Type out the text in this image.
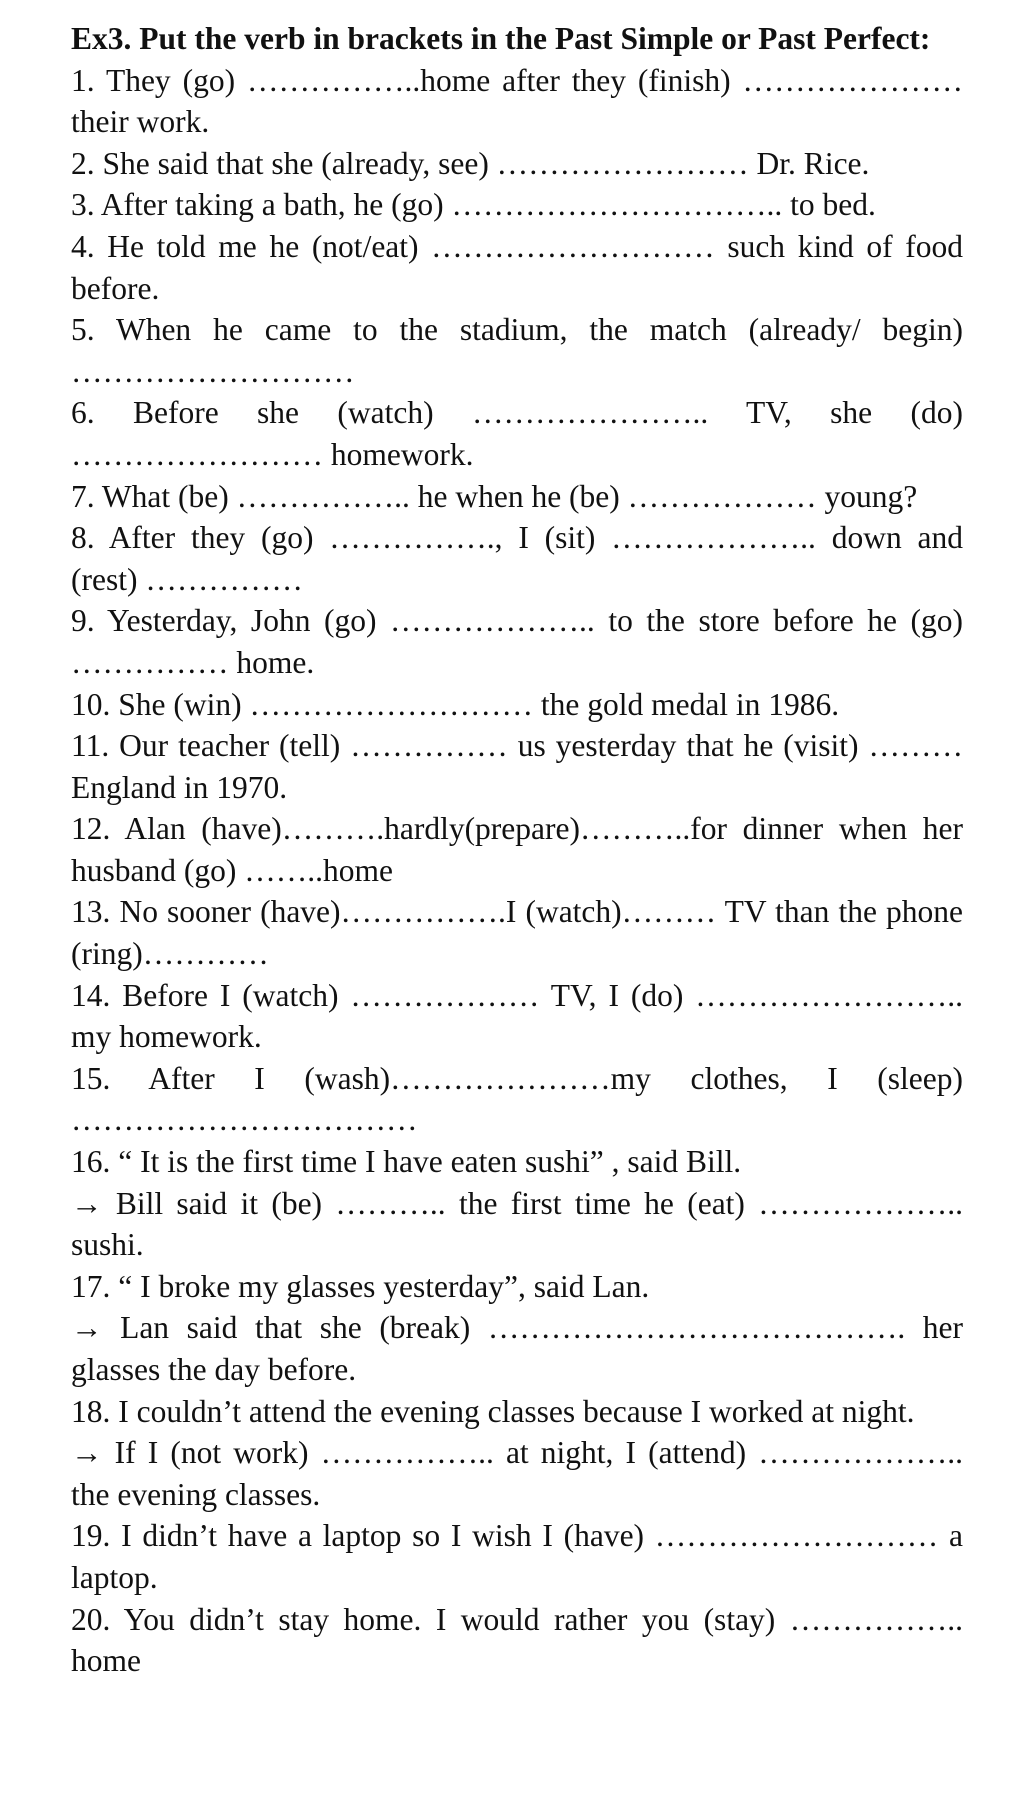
Ex3. Put the verb in brackets in the Past Simple or Past Perfect:

1. They (go) ……………..home after they (finish) ………………… their work.

2. She said that she (already, see) …………………… Dr. Rice.

3. After taking a bath, he (go) ………………………….. to bed.

4. He told me he (not/eat) ……………………… such kind of food before.

5. When he came to the stadium, the match (already/ begin) ………………………

6. Before she (watch) ………………….. TV, she (do) …………………… homework.

7. What (be) …………….. he when he (be) ……………… young?

8. After they (go) ……………., I (sit) ……………….. down and (rest) ……………

9. Yesterday, John (go) ……………….. to the store before he (go) …………… home.

10. She (win) ……………………… the gold medal in 1986.

11. Our teacher (tell) …………… us yesterday that he (visit) ……… England in 1970.

12. Alan (have)……….hardly(prepare)………..for dinner when her husband (go) ……..home

13. No sooner (have)…………….I (watch)……… TV than the phone (ring)…………

14. Before I (watch) ……………… TV, I (do) …………………….. my homework.

15. After I (wash)…………………my clothes, I (sleep) ……………………………

16. “ It is the first time I have eaten sushi” , said Bill.

→ Bill said it (be) ……….. the first time he (eat) ……………….. sushi.

17. “ I broke my glasses yesterday”, said Lan.

→ Lan said that she (break) …………………………………. her glasses the day before.

18. I couldn’t attend the evening classes because I worked at night.

→ If I (not work) …………….. at night, I (attend) ……………….. the evening classes.

19. I didn’t have a laptop so I wish I (have) ……………………… a laptop.

20. You didn’t stay home. I would rather you (stay) …………….. home
